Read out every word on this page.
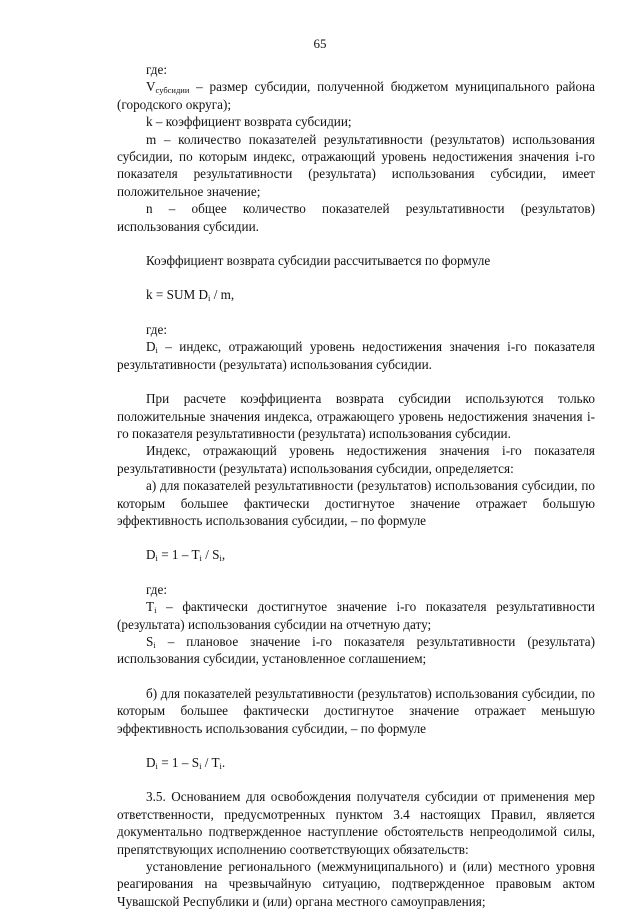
65

где:

$V_{субсидии}$ – размер субсидии, полученной бюджетом муниципального района (городского округа);

k – коэффициент возврата субсидии;

m – количество показателей результативности (результатов) использования субсидии, по которым индекс, отражающий уровень недостижения значения i-го показателя результативности (результата) использования субсидии, имеет положительное значение;

n – общее количество показателей результативности (результатов) использования субсидии.

Коэффициент возврата субсидии рассчитывается по формуле

k = SUM $D_i$ / m,

где:

$D_i$ – индекс, отражающий уровень недостижения значения i-го показателя результативности (результата) использования субсидии.

При расчете коэффициента возврата субсидии используются только положительные значения индекса, отражающего уровень недостижения значения i-го показателя результативности (результата) использования субсидии.

Индекс, отражающий уровень недостижения значения i-го показателя результативности (результата) использования субсидии, определяется:

а) для показателей результативности (результатов) использования субсидии, по которым большее фактически достигнутое значение отражает большую эффективность использования субсидии, – по формуле

$D_i = 1 - T_i / S_i$,

где:

$T_i$ – фактически достигнутое значение i-го показателя результативности (результата) использования субсидии на отчетную дату;

$S_i$ – плановое значение i-го показателя результативности (результата) использования субсидии, установленное соглашением;

б) для показателей результативности (результатов) использования субсидии, по которым большее фактически достигнутое значение отражает меньшую эффективность использования субсидии, – по формуле

$D_i = 1 - S_i / T_i$.

3.5. Основанием для освобождения получателя субсидии от применения мер ответственности, предусмотренных пунктом 3.4 настоящих Правил, является документально подтвержденное наступление обстоятельств непреодолимой силы, препятствующих исполнению соответствующих обязательств:

установление регионального (межмуниципального) и (или) местного уровня реагирования на чрезвычайную ситуацию, подтвержденное правовым актом Чувашской Республики и (или) органа местного самоуправления;
